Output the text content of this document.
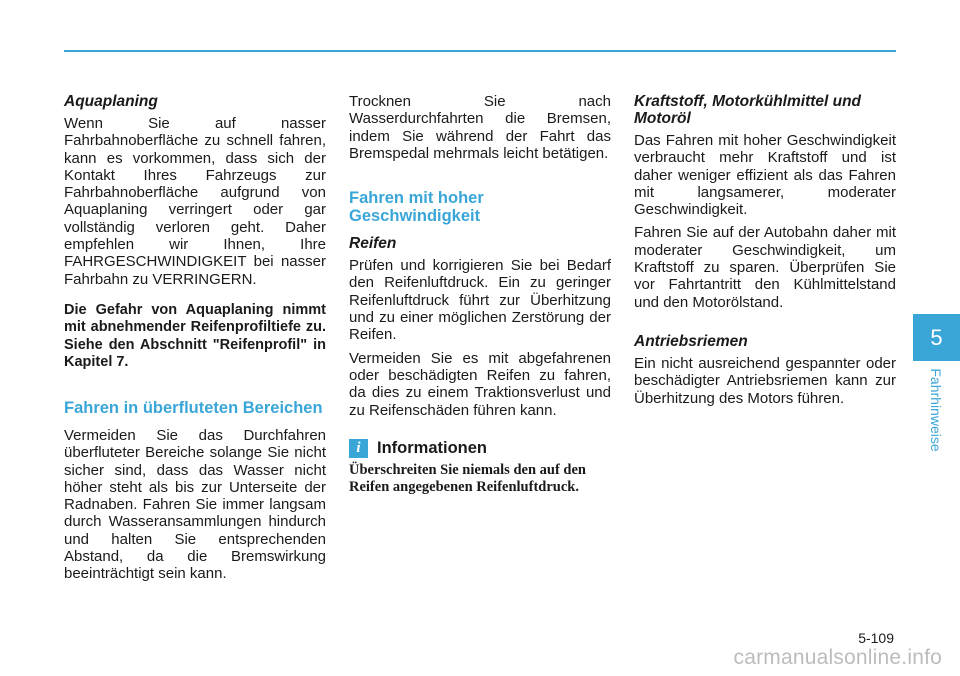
Aquaplaning

Wenn Sie auf nasser Fahrbahnoberfläche zu schnell fahren, kann es vorkommen, dass sich der Kontakt Ihres Fahrzeugs zur Fahrbahnoberfläche aufgrund von Aquaplaning verringert oder gar vollständig verloren geht. Daher empfehlen wir Ihnen, Ihre FAHRGESCHWINDIGKEIT bei nasser Fahrbahn zu VERRINGERN.

Die Gefahr von Aquaplaning nimmt mit abnehmender Reifenprofiltiefe zu. Siehe den Abschnitt "Reifenprofil" in Kapitel 7.

Fahren in überfluteten Bereichen

Vermeiden Sie das Durchfahren überfluteter Bereiche solange Sie nicht sicher sind, dass das Wasser nicht höher steht als bis zur Unterseite der Radnaben. Fahren Sie immer langsam durch Wasseransammlungen hindurch und halten Sie entsprechenden Abstand, da die Bremswirkung beeinträchtigt sein kann.

Trocknen Sie nach Wasserdurchfahrten die Bremsen, indem Sie während der Fahrt das Bremspedal mehrmals leicht betätigen.

Fahren mit hoher Geschwindigkeit
Reifen

Prüfen und korrigieren Sie bei Bedarf den Reifenluftdruck. Ein zu geringer Reifenluftdruck führt zur Überhitzung und zu einer möglichen Zerstörung der Reifen.

Vermeiden Sie es mit abgefahrenen oder beschädigten Reifen zu fahren, da dies zu einem Traktionsverlust und zu Reifenschäden führen kann.

i Informationen

Überschreiten Sie niemals den auf den Reifen angegebenen Reifenluftdruck.

Kraftstoff, Motorkühlmittel und Motoröl

Das Fahren mit hoher Geschwindigkeit verbraucht mehr Kraftstoff und ist daher weniger effizient als das Fahren mit langsamerer, moderater Geschwindigkeit.

Fahren Sie auf der Autobahn daher mit moderater Geschwindigkeit, um Kraftstoff zu sparen. Überprüfen Sie vor Fahrtantritt den Kühlmittelstand und den Motorölstand.

Antriebsriemen

Ein nicht ausreichend gespannter oder beschädigter Antriebsriemen kann zur Überhitzung des Motors führen.

5
Fahrhinweise
5-109
carmanualsonline.info
